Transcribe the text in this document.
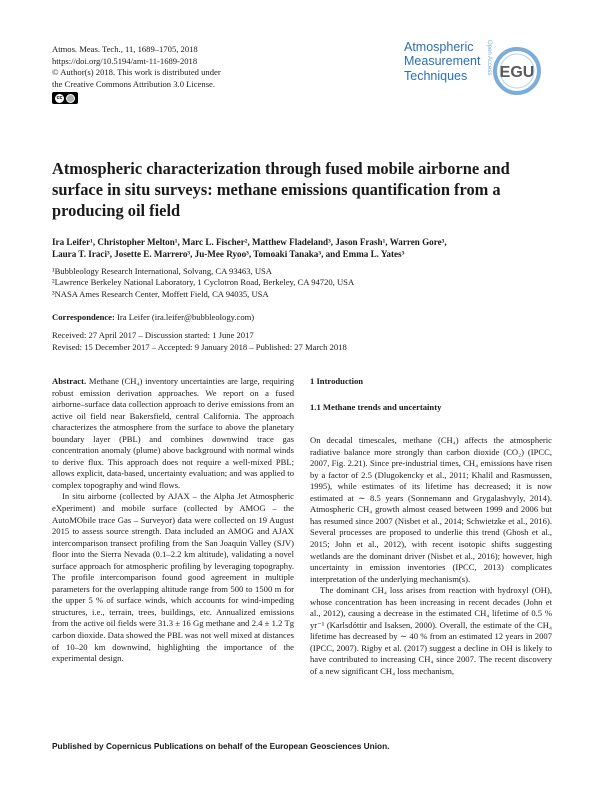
Atmos. Meas. Tech., 11, 1689–1705, 2018
https://doi.org/10.5194/amt-11-1689-2018
© Author(s) 2018. This work is distributed under
the Creative Commons Attribution 3.0 License.
cc
Atmospheric
Measurement
Techniques
Open Access EGU
Atmospheric characterization through fused mobile airborne and surface in situ surveys: methane emissions quantification from a producing oil field
Ira Leifer¹, Christopher Melton¹, Marc L. Fischer², Matthew Fladeland³, Jason Frash¹, Warren Gore³,
Laura T. Iraci³, Josette E. Marrero³, Ju-Mee Ryoo³, Tomoaki Tanaka³, and Emma L. Yates³
¹Bubbleology Research International, Solvang, CA 93463, USA
²Lawrence Berkeley National Laboratory, 1 Cyclotron Road, Berkeley, CA 94720, USA
³NASA Ames Research Center, Moffett Field, CA 94035, USA
Correspondence: Ira Leifer (ira.leifer@bubbleology.com)
Received: 27 April 2017 – Discussion started: 1 June 2017
Revised: 15 December 2017 – Accepted: 9 January 2018 – Published: 27 March 2018

Abstract. Methane (CH₄) inventory uncertainties are large, requiring robust emission derivation approaches. We report on a fused airborne–surface data collection approach to derive emissions from an active oil field near Bakersfield, central California. The approach characterizes the atmosphere from the surface to above the planetary boundary layer (PBL) and combines downwind trace gas concentration anomaly (plume) above background with normal winds to derive flux. This approach does not require a well-mixed PBL; allows explicit, data-based, uncertainty evaluation; and was applied to complex topography and wind flows.

In situ airborne (collected by AJAX – the Alpha Jet Atmospheric eXperiment) and mobile surface (collected by AMOG – the AutoMObile trace Gas – Surveyor) data were collected on 19 August 2015 to assess source strength. Data included an AMOG and AJAX intercomparison transect profiling from the San Joaquin Valley (SJV) floor into the Sierra Nevada (0.1–2.2 km altitude), validating a novel surface approach for atmospheric profiling by leveraging topography. The profile intercomparison found good agreement in multiple parameters for the overlapping altitude range from 500 to 1500 m for the upper 5 % of surface winds, which accounts for wind-impeding structures, i.e., terrain, trees, buildings, etc. Annualized emissions from the active oil fields were 31.3 ± 16 Gg methane and 2.4 ± 1.2 Tg carbon dioxide. Data showed the PBL was not well mixed at distances of 10–20 km downwind, highlighting the importance of the experimental design.

1 Introduction

1.1 Methane trends and uncertainty

On decadal timescales, methane (CH₄) affects the atmospheric radiative balance more strongly than carbon dioxide (CO₂) (IPCC, 2007, Fig. 2.21). Since pre-industrial times, CH₄ emissions have risen by a factor of 2.5 (Dlugokencky et al., 2011; Khalil and Rasmussen, 1995), while estimates of its lifetime has decreased; it is now estimated at ∼ 8.5 years (Sonnemann and Grygalashvyly, 2014). Atmospheric CH₄ growth almost ceased between 1999 and 2006 but has resumed since 2007 (Nisbet et al., 2014; Schwietzke et al., 2016). Several processes are proposed to underlie this trend (Ghosh et al., 2015; John et al., 2012), with recent isotopic shifts suggesting wetlands are the dominant driver (Nisbet et al., 2016); however, high uncertainty in emission inventories (IPCC, 2013) complicates interpretation of the underlying mechanism(s).

The dominant CH₄ loss arises from reaction with hydroxyl (OH), whose concentration has been increasing in recent decades (John et al., 2012), causing a decrease in the estimated CH₄ lifetime of 0.5 % yr⁻¹ (Karlsdóttir and Isaksen, 2000). Overall, the estimate of the CH₄ lifetime has decreased by ∼ 40 % from an estimated 12 years in 2007 (IPCC, 2007). Rigby et al. (2017) suggest a decline in OH is likely to have contributed to increasing CH₄ since 2007. The recent discovery of a new significant CH₄ loss mechanism,

Published by Copernicus Publications on behalf of the European Geosciences Union.
